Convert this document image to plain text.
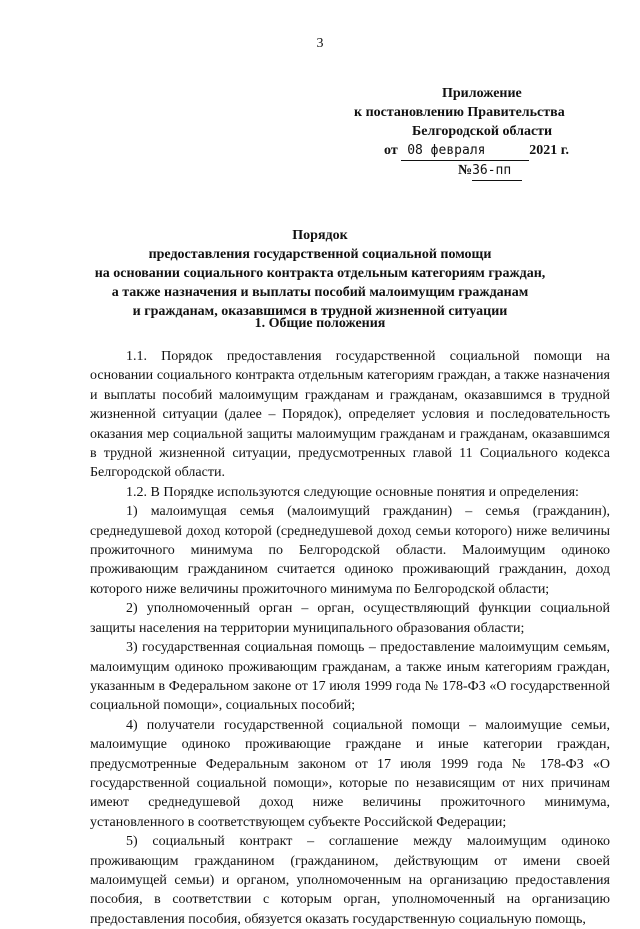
3
Приложение
к постановлению Правительства
Белгородской области
от 08 февраля	2021 г.
№36-пп
Порядок
предоставления государственной социальной помощи
на основании социального контракта отдельным категориям граждан,
а также назначения и выплаты пособий малоимущим гражданам
и гражданам, оказавшимся в трудной жизненной ситуации
1. Общие положения

1.1. Порядок предоставления государственной социальной помощи на основании социального контракта отдельным категориям граждан, а также назначения и выплаты пособий малоимущим гражданам и гражданам, оказавшимся в трудной жизненной ситуации (далее – Порядок), определяет условия и последовательность оказания мер социальной защиты малоимущим гражданам и гражданам, оказавшимся в трудной жизненной ситуации, предусмотренных главой 11 Социального кодекса Белгородской области.

1.2. В Порядке используются следующие основные понятия и определения:

1) малоимущая семья (малоимущий гражданин) – семья (гражданин), среднедушевой доход которой (среднедушевой доход семьи которого) ниже величины прожиточного минимума по Белгородской области. Малоимущим одиноко проживающим гражданином считается одиноко проживающий гражданин, доход которого ниже величины прожиточного минимума по Белгородской области;

2) уполномоченный орган – орган, осуществляющий функции социальной защиты населения на территории муниципального образования области;

3) государственная социальная помощь – предоставление малоимущим семьям, малоимущим одиноко проживающим гражданам, а также иным категориям граждан, указанным в Федеральном законе от 17 июля 1999 года № 178-ФЗ «О государственной социальной помощи», социальных пособий;

4) получатели государственной социальной помощи – малоимущие семьи, малоимущие одиноко проживающие граждане и иные категории граждан, предусмотренные Федеральным законом от 17 июля 1999 года № 178-ФЗ «О государственной социальной помощи», которые по независящим от них причинам имеют среднедушевой доход ниже величины прожиточного минимума, установленного в соответствующем субъекте Российской Федерации;

5) социальный контракт – соглашение между малоимущим одиноко проживающим гражданином (гражданином, действующим от имени своей малоимущей семьи) и органом, уполномоченным на организацию предоставления пособия, в соответствии с которым орган, уполномоченный на организацию предоставления пособия, обязуется оказать государственную социальную помощь,
